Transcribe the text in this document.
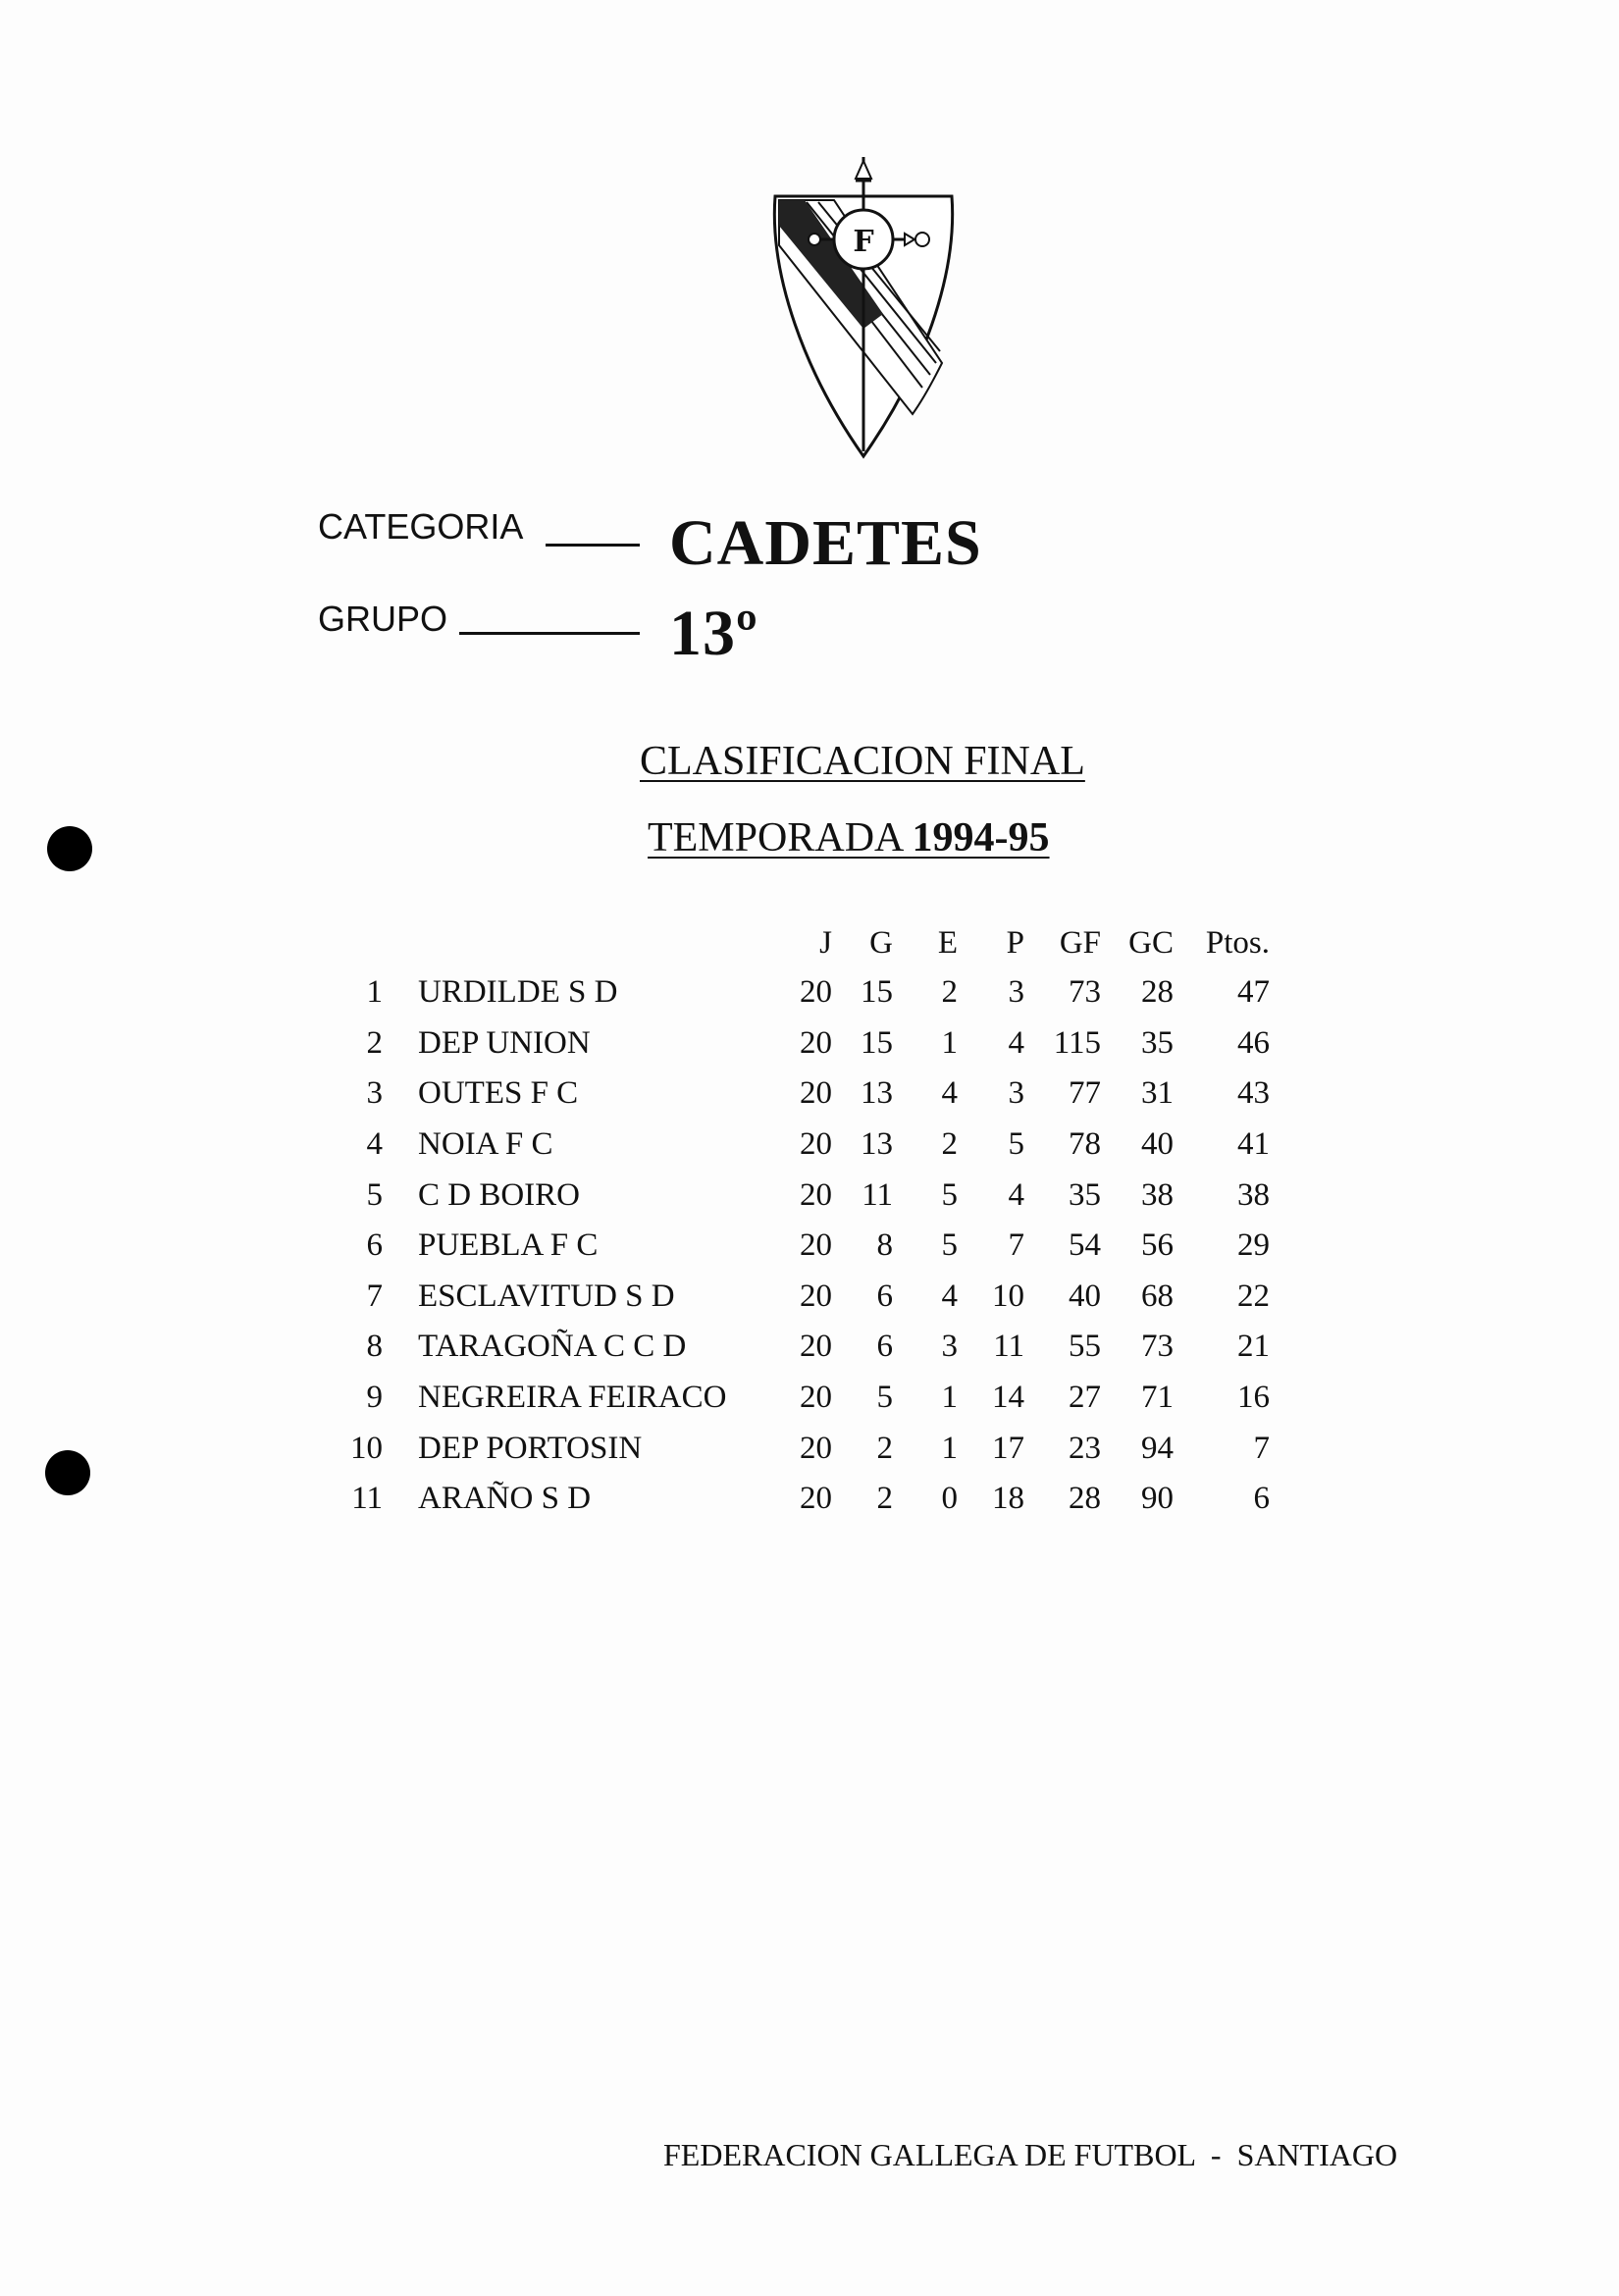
F
CATEGORIA CADETES
GRUPO	13º
CLASIFICACION FINAL
TEMPORADA 1994-95
			J	G	E	P	GF	GC	Ptos.
1		URDILDE S D	20	15	2	3	73	28	47
2		DEP UNION	20	15	1	4	115	35	46
3		OUTES F C	20	13	4	3	77	31	43
4		NOIA F C	20	13	2	5	78	40	41
5		C D BOIRO	20	11	5	4	35	38	38
6		PUEBLA F C	20	8	5	7	54	56	29
7		ESCLAVITUD S D	20	6	4	10	40	68	22
8		TARAGOÑA C C D	20	6	3	11	55	73	21
9		NEGREIRA FEIRACO	20	5	1	14	27	71	16
10		DEP PORTOSIN	20	2	1	17	23	94	7
11		ARAÑO S D	20	2	0	18	28	90	6
FEDERACION GALLEGA DE FUTBOL  -  SANTIAGO
